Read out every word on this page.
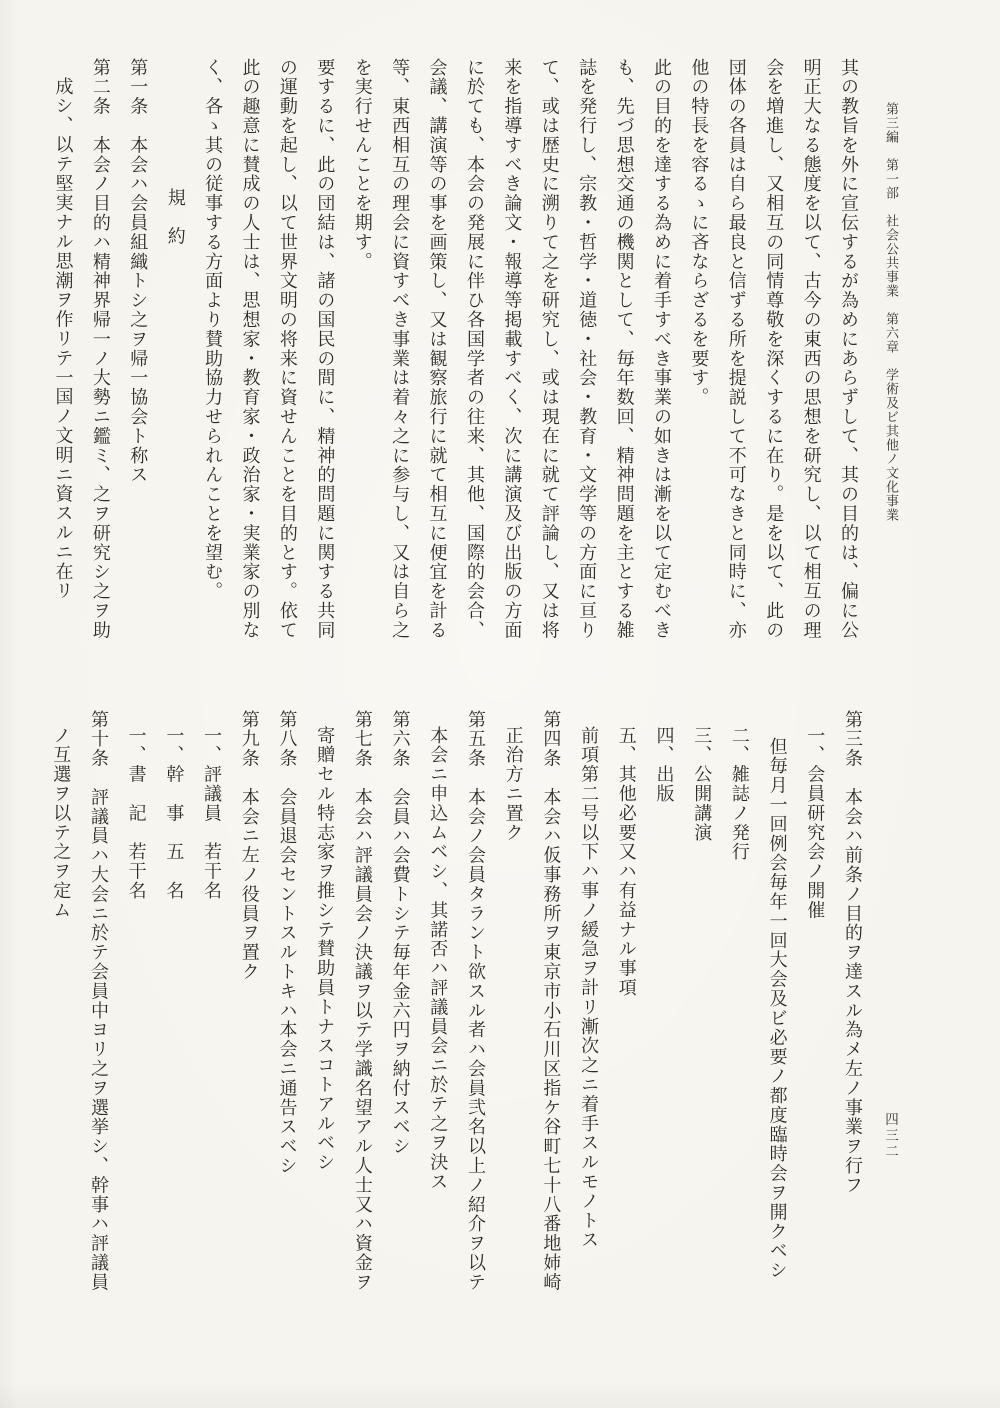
第三編　第一部　社会公共事業　第六章　学術及ビ其他ノ文化事業
四三二
其の教旨を外に宣伝するが為めにあらずして、其の目的は、偏に公
明正大なる態度を以て、古今の東西の思想を研究し、以て相互の理
会を増進し、又相互の同情尊敬を深くするに在り。是を以て、此の
団体の各員は自ら最良と信ずる所を提説して不可なきと同時に、亦
他の特長を容るゝに吝ならざるを要す。
此の目的を達する為めに着手すべき事業の如きは漸を以て定むべき
も、先づ思想交通の機関として、毎年数回、精神問題を主とする雑
誌を発行し、宗教・哲学・道徳・社会・教育・文学等の方面に亘り
て、或は歴史に溯りて之を研究し、或は現在に就て評論し、又は将
来を指導すべき論文・報導等掲載すべく、次に講演及び出版の方面
に於ても、本会の発展に伴ひ各国学者の往来、其他、国際的会合、
会議、講演等の事を画策し、又は観察旅行に就て相互に便宜を計る
等、東西相互の理会に資すべき事業は着々之に参与し、又は自ら之
を実行せんことを期す。
要するに、此の団結は、諸の国民の間に、精神的問題に関する共同
の運動を起し、以て世界文明の将来に資せんことを目的とす。依て
此の趣意に賛成の人士は、思想家・教育家・政治家・実業家の別な
く、各ゝ其の従事する方面より賛助協力せられんことを望む。
規　約
第一条　本会ハ会員組織トシ之ヲ帰一協会ト称ス
第二条　本会ノ目的ハ精神界帰一ノ大勢ニ鑑ミ、之ヲ研究シ之ヲ助
成シ、以テ堅実ナル思潮ヲ作リテ一国ノ文明ニ資スルニ在リ
第三条　本会ハ前条ノ目的ヲ達スル為メ左ノ事業ヲ行フ
一、会員研究会ノ開催
但毎月一回例会毎年一回大会及ビ必要ノ都度臨時会ヲ開クベシ
二、雑誌ノ発行
三、公開講演
四、出版
五、其他必要又ハ有益ナル事項
前項第二号以下ハ事ノ緩急ヲ計リ漸次之ニ着手スルモノトス
第四条　本会ハ仮事務所ヲ東京市小石川区指ケ谷町七十八番地姉崎
正治方ニ置ク
第五条　本会ノ会員タラント欲スル者ハ会員弐名以上ノ紹介ヲ以テ
本会ニ申込ムベシ、其諾否ハ評議員会ニ於テ之ヲ決ス
第六条　会員ハ会費トシテ毎年金六円ヲ納付スベシ
第七条　本会ハ評議員会ノ決議ヲ以テ学識名望アル人士又ハ資金ヲ
寄贈セル特志家ヲ推シテ賛助員トナスコトアルベシ
第八条　会員退会セントスルトキハ本会ニ通告スベシ
第九条　本会ニ左ノ役員ヲ置ク
一、評議員　若干名
一、幹　事　五　名
一、書　記　若干名
第十条　評議員ハ大会ニ於テ会員中ヨリ之ヲ選挙シ、幹事ハ評議員
ノ互選ヲ以テ之ヲ定ム
